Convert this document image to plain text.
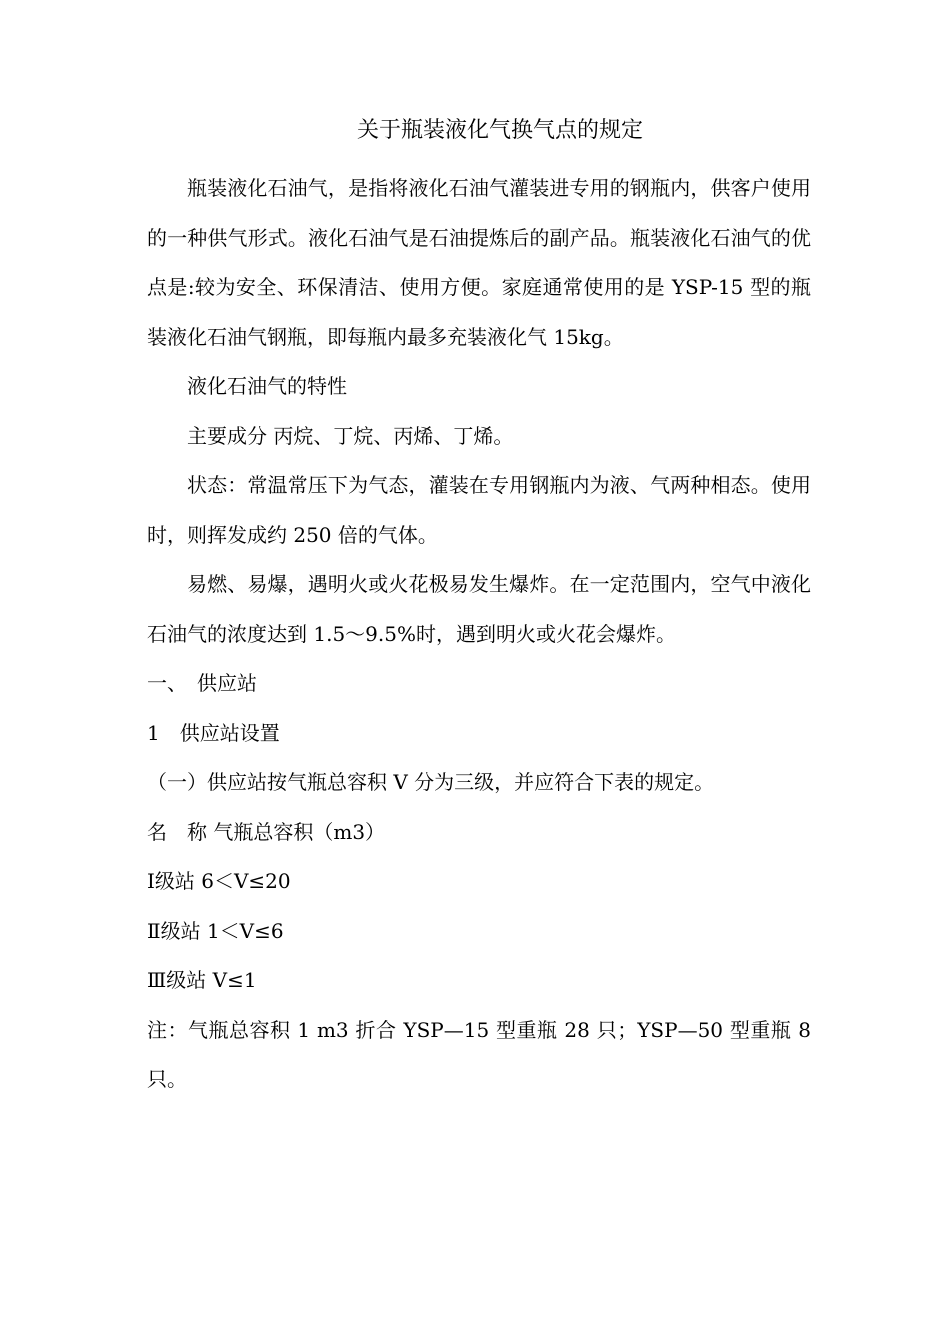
关于瓶装液化气换气点的规定

瓶装液化石油气，是指将液化石油气灌装进专用的钢瓶内，供客户使用的一种供气形式。液化石油气是石油提炼后的副产品。瓶装液化石油气的优点是:较为安全、环保清洁、使用方便。家庭通常使用的是 YSP-15 型的瓶装液化石油气钢瓶，即每瓶内最多充装液化气 15kg。

液化石油气的特性

主要成分 丙烷、丁烷、丙烯、丁烯。

状态：常温常压下为气态，灌装在专用钢瓶内为液、气两种相态。使用时，则挥发成约 250 倍的气体。

易燃、易爆，遇明火或火花极易发生爆炸。在一定范围内，空气中液化石油气的浓度达到 1.5～9.5%时，遇到明火或火花会爆炸。

一、　供应站

1　供应站设置

（一）供应站按气瓶总容积 V 分为三级，并应符合下表的规定。

名　称 气瓶总容积（m3）

Ⅰ级站 6＜V≤20

Ⅱ级站 1＜V≤6

Ⅲ级站 V≤1

注：气瓶总容积 1 m3 折合 YSP—15 型重瓶 28 只；YSP—50 型重瓶 8 只。
